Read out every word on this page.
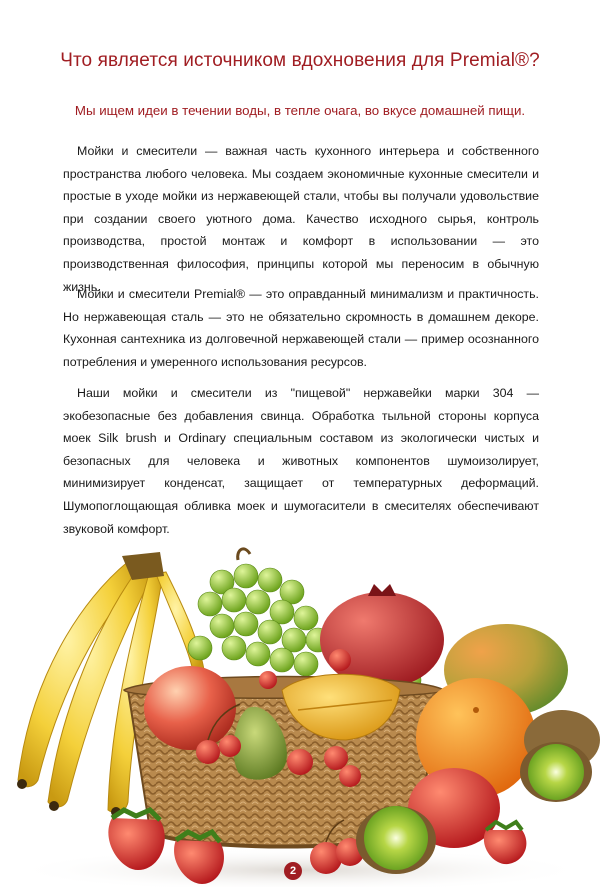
Что является источником вдохновения для Premial®?
Мы ищем идеи в течении воды, в тепле очага, во вкусе домашней пищи.

Мойки и смесители — важная часть кухонного интерьера и собственного пространства любого человека. Мы создаем экономичные кухонные смесители и простые в уходе мойки из нержавеющей стали, чтобы вы получали удовольствие при создании своего уютного дома. Качество исходного сырья, контроль производства, простой монтаж и комфорт в использовании — это производственная философия, принципы которой мы переносим в обычную жизнь.

Мойки и смесители Premial® — это оправданный минимализм и практичность. Но нержавеющая сталь — это не обязательно скромность в домашнем декоре. Кухонная сантехника из долговечной нержавеющей стали — пример осознанного потребления и умеренного использования ресурсов.

Наши мойки и смесители из "пищевой" нержавейки марки 304 — экобезопасные без добавления свинца. Обработка тыльной стороны корпуса моек Silk brush и Ordinary специальным составом из экологически чистых и безопасных для человека и животных компонентов шумоизолирует, минимизирует конденсат, защищает от температурных деформаций. Шумопоглощающая обливка моек и шумогасители в смесителях обеспечивают звуковой комфорт.

2
